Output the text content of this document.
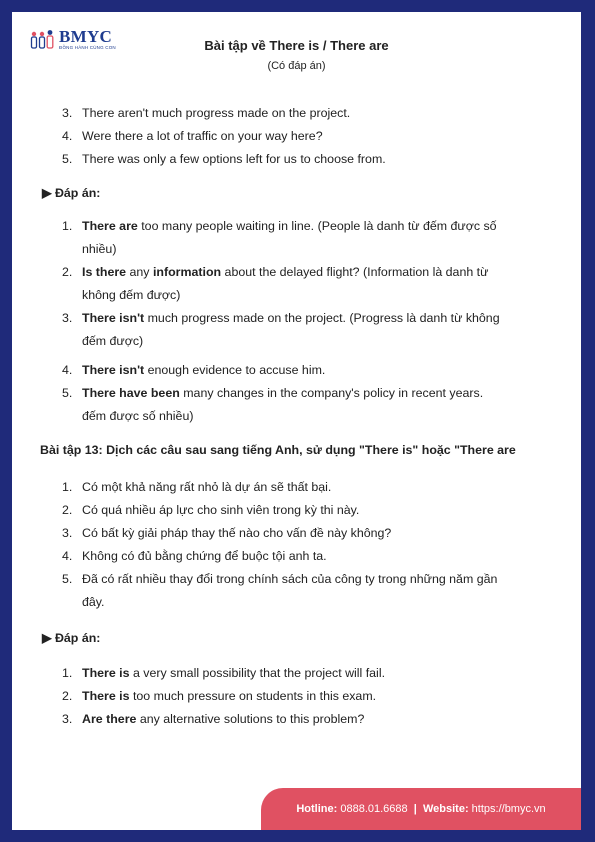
BMYC
ĐỒNG HÀNH CÙNG CON	Bài tập về There is / There are
(Có đáp án)
3. There aren't much progress made on the project.
4. Were there a lot of traffic on your way here?
5. There was only a few options left for us to choose from.
▶ Đáp án:
1. There are too many people waiting in line. (People là danh từ đếm được số
nhiều)
2. Is there any information about the delayed flight? (Information là danh từ
không đếm được)
3. There isn't much progress made on the project. (Progress là danh từ không
đếm được)
4. There isn't enough evidence to accuse him.
5. There have been many changes in the company's policy in recent years.
đếm được số nhiều)
Bài tập 13: Dịch các câu sau sang tiếng Anh, sử dụng "There is" hoặc "There are
1. Có một khả năng rất nhỏ là dự án sẽ thất bại.
2. Có quá nhiều áp lực cho sinh viên trong kỳ thi này.
3. Có bất kỳ giải pháp thay thế nào cho vấn đề này không?
4. Không có đủ bằng chứng để buộc tội anh ta.
5. Đã có rất nhiều thay đổi trong chính sách của công ty trong những năm gần
đây.
▶ Đáp án:
1. There is a very small possibility that the project will fail.
2. There is too much pressure on students in this exam.
3. Are there any alternative solutions to this problem?
Hotline:
0888.01.6688
|
Website:
https://bmyc.vn
